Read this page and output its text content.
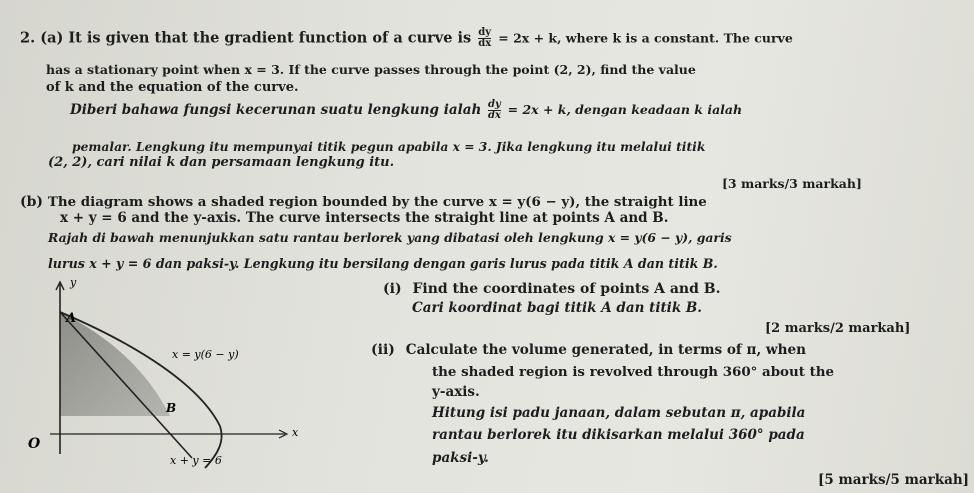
2. (a) It is given that the gradient function of a curve is $\frac{dy}{dx} = 2x + k$, where k is a constant. The curve
has a stationary point when x = 3. If the curve passes through the point (2, 2), find the value
of k and the equation of the curve.
Diberi bahawa fungsi kecerunan suatu lengkung ialah $\frac{dy}{dx} = 2x + k$, dengan keadaan k ialah
pemalar. Lengkung itu mempunyai titik pegun apabila x = 3. Jika lengkung itu melalui titik
(2, 2), cari nilai k dan persamaan lengkung itu.
[3 marks/3 markah]
(b) The diagram shows a shaded region bounded by the curve x = y(6 − y), the straight line
x + y = 6 and the y-axis. The curve intersects the straight line at points A and B.
Rajah di bawah menunjukkan satu rantau berlorek yang dibatasi oleh lengkung x = y(6 − y), garis
lurus x + y = 6 dan paksi-y. Lengkung itu bersilang dengan garis lurus pada titik A dan titik B.
y
x
O
A
B
x = y(6 − y)
x + y = 6
(i) Find the coordinates of points A and B.
Cari koordinat bagi titik A dan titik B.
[2 marks/2 markah]
(ii) Calculate the volume generated, in terms of π, when
the shaded region is revolved through 360° about the
y-axis.
Hitung isi padu janaan, dalam sebutan π, apabila
rantau berlorek itu dikisarkan melalui 360° pada
paksi-y.
[5 marks/5 markah]
